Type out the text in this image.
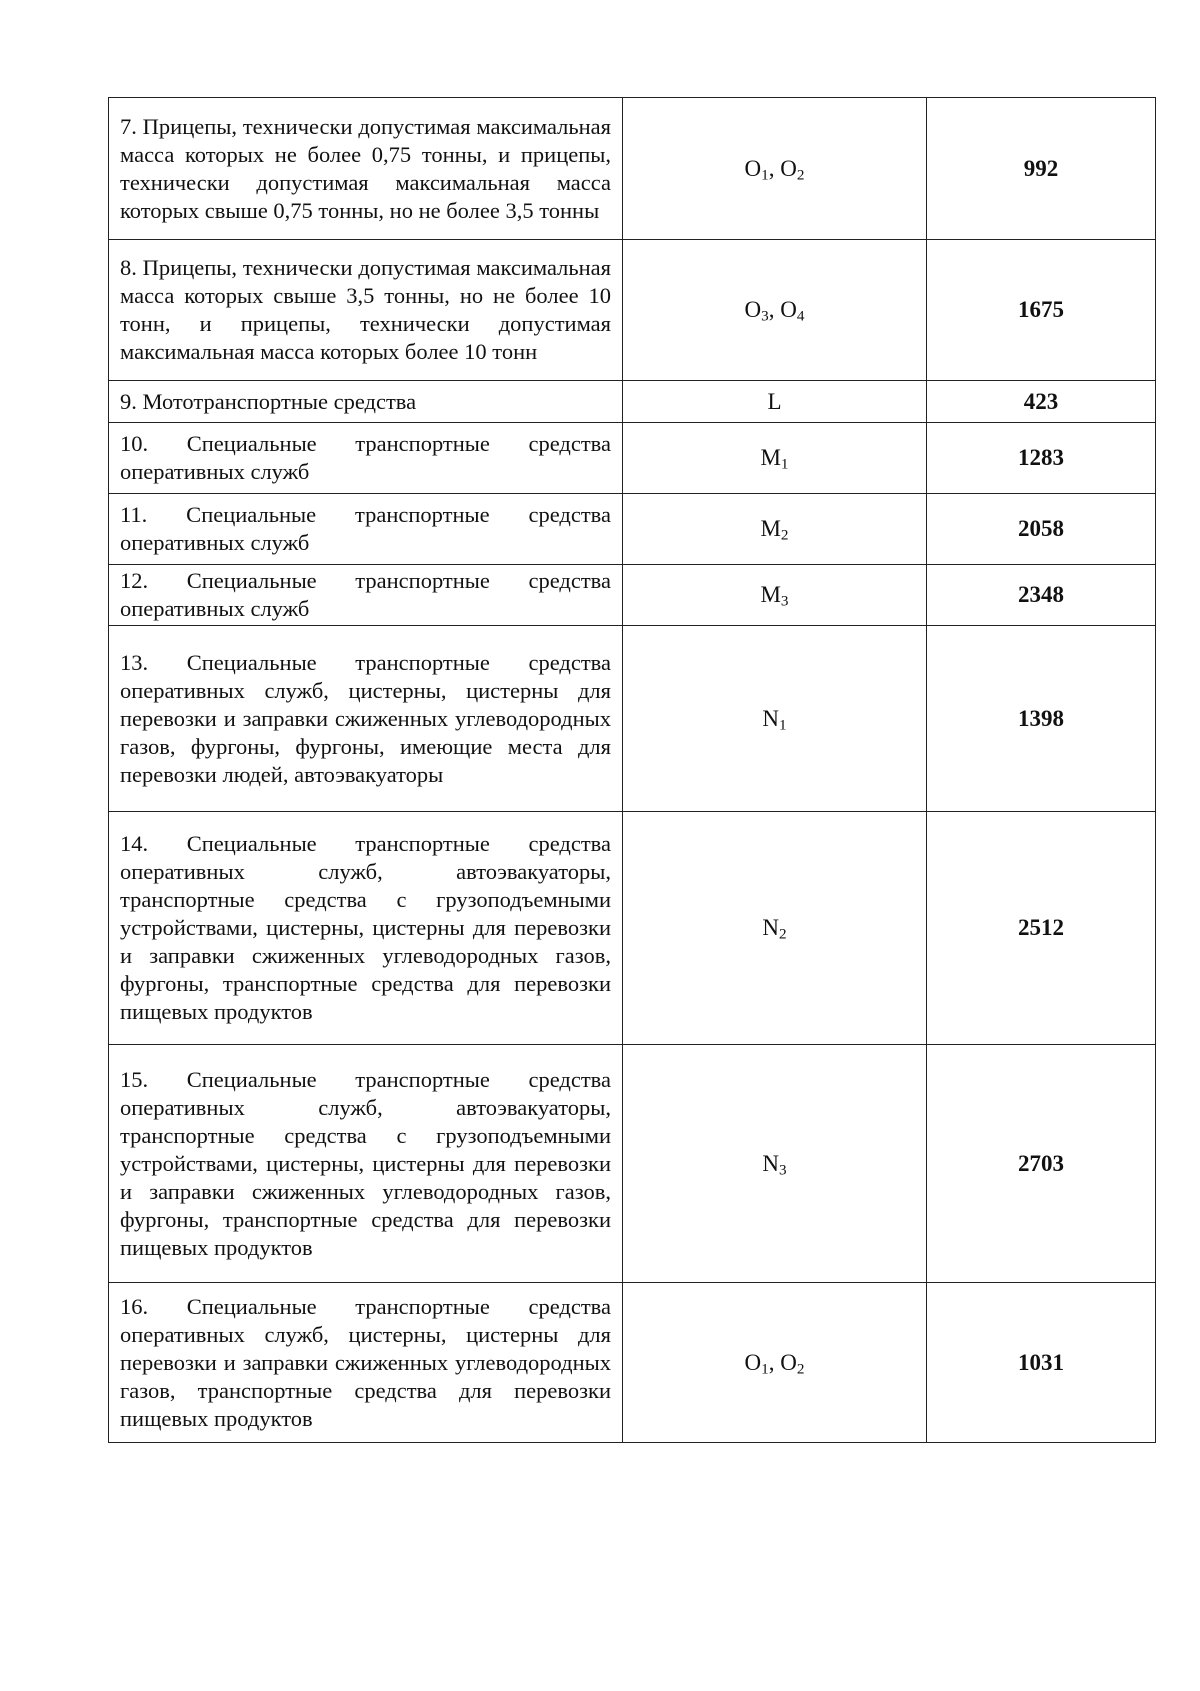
7. Прицепы, технически допустимая максимальная масса которых не более 0,75 тонны, и прицепы, технически допустимая максимальная масса которых свыше 0,75 тонны, но не более 3,5 тонны	$O_1$, $O_2$	992

8. Прицепы, технически допустимая максимальная масса которых свыше 3,5 тонны, но не более 10 тонн, и прицепы, технически допустимая максимальная масса которых более 10 тонн	$O_3$, $O_4$	1675

9. Мототранспортные средства	L	423

10. Специальные транспортные средства оперативных служб	$M_1$	1283

11. Специальные транспортные средства оперативных служб	$M_2$	2058

12. Специальные транспортные средства оперативных служб	$M_3$	2348

13. Специальные транспортные средства оперативных служб, цистерны, цистерны для перевозки и заправки сжиженных углеводородных газов, фургоны, фургоны, имеющие места для перевозки людей, автоэвакуаторы	$N_1$	1398

14. Специальные транспортные средства оперативных служб, автоэвакуаторы, транспортные средства с грузоподъемными устройствами, цистерны, цистерны для перевозки и заправки сжиженных углеводородных газов, фургоны, транспортные средства для перевозки пищевых продуктов	$N_2$	2512

15. Специальные транспортные средства оперативных служб, автоэвакуаторы, транспортные средства с грузоподъемными устройствами, цистерны, цистерны для перевозки и заправки сжиженных углеводородных газов, фургоны, транспортные средства для перевозки пищевых продуктов	$N_3$	2703

16. Специальные транспортные средства оперативных служб, цистерны, цистерны для перевозки и заправки сжиженных углеводородных газов, транспортные средства для перевозки пищевых продуктов	$O_1$, $O_2$	1031
